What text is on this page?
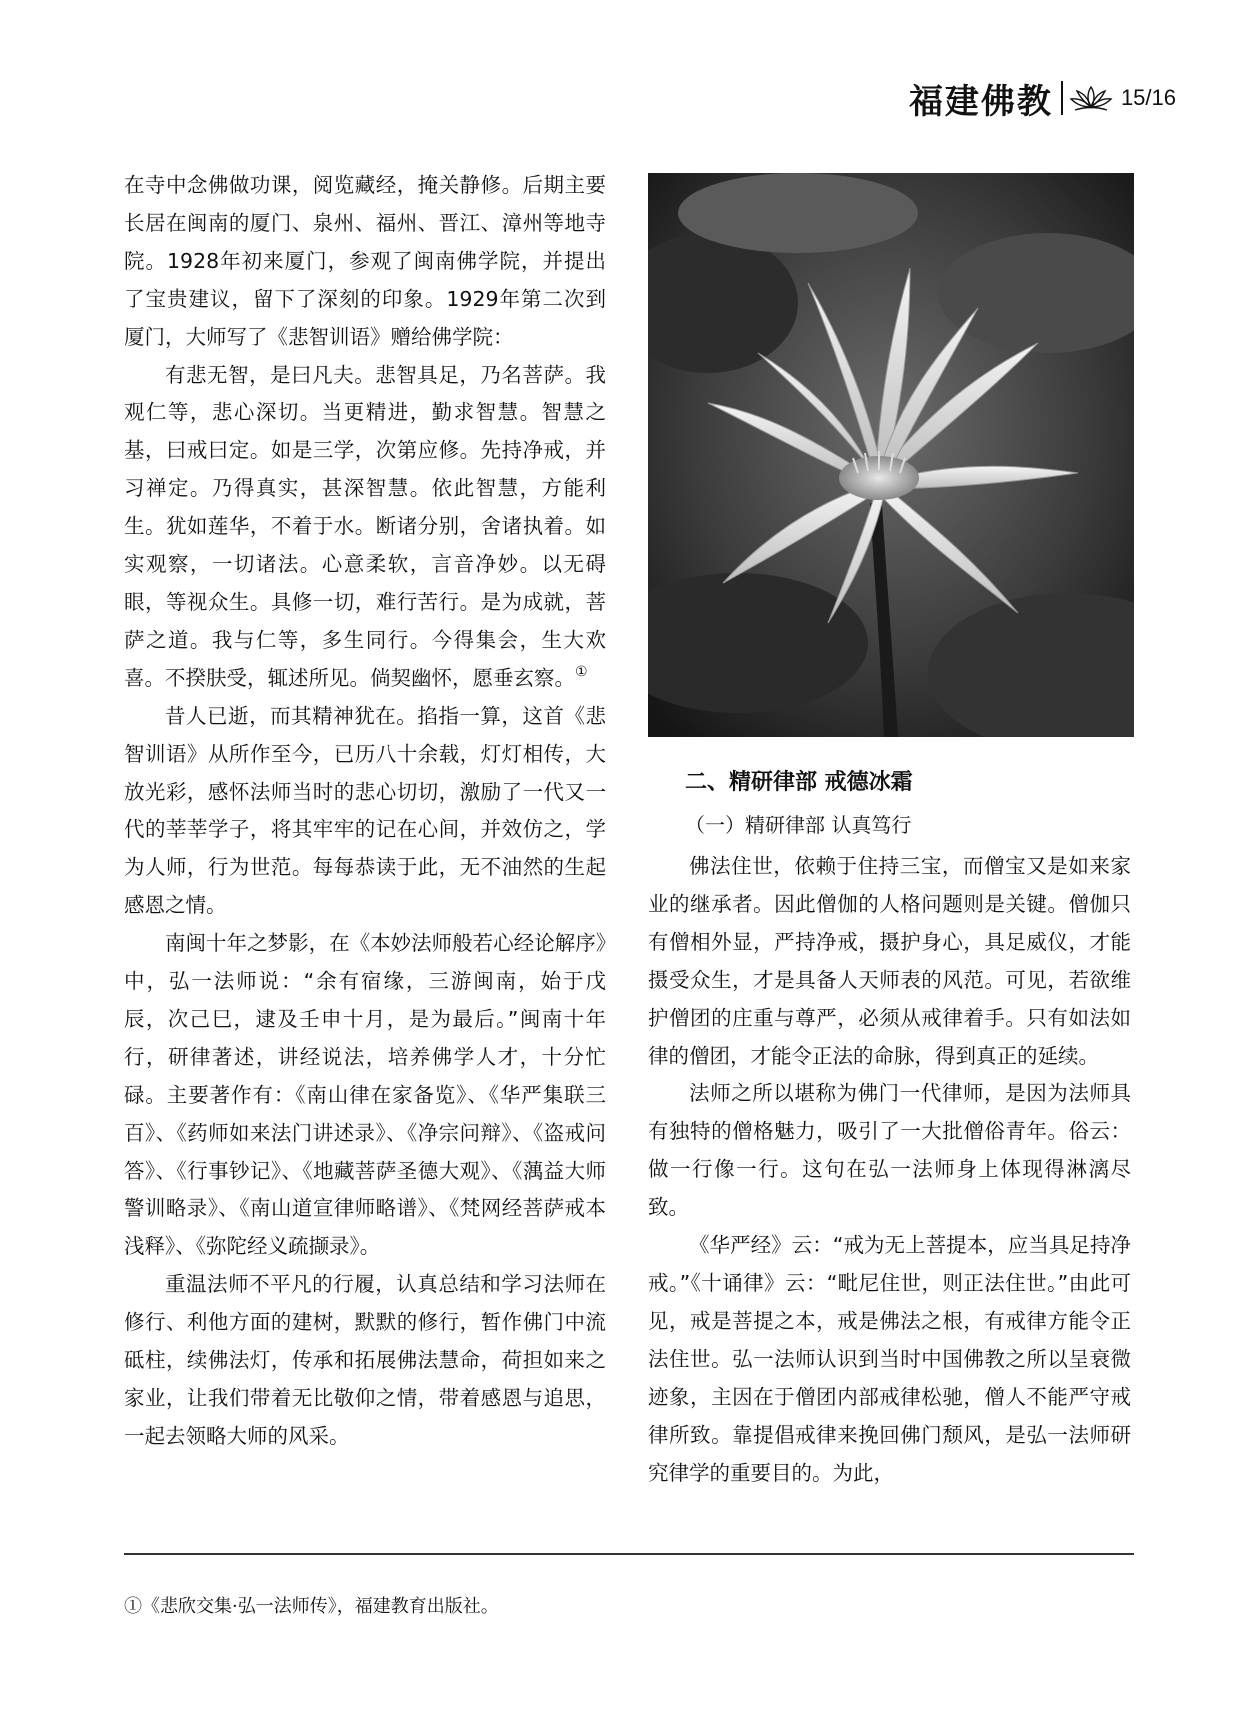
福建佛教	15/16

在寺中念佛做功课，阅览藏经，掩关静修。后期主要长居在闽南的厦门、泉州、福州、晋江、漳州等地寺院。1928年初来厦门，参观了闽南佛学院，并提出了宝贵建议，留下了深刻的印象。1929年第二次到厦门，大师写了《悲智训语》赠给佛学院：

有悲无智，是曰凡夫。悲智具足，乃名菩萨。我观仁等，悲心深切。当更精进，勤求智慧。智慧之基，曰戒曰定。如是三学，次第应修。先持净戒，并习禅定。乃得真实，甚深智慧。依此智慧，方能利生。犹如莲华，不着于水。断诸分别，舍诸执着。如实观察，一切诸法。心意柔软，言音净妙。以无碍眼，等视众生。具修一切，难行苦行。是为成就，菩萨之道。我与仁等，多生同行。今得集会，生大欢喜。不揆肤受，辄述所见。倘契幽怀，愿垂玄察。①

昔人已逝，而其精神犹在。掐指一算，这首《悲智训语》从所作至今，已历八十余载，灯灯相传，大放光彩，感怀法师当时的悲心切切，激励了一代又一代的莘莘学子，将其牢牢的记在心间，并效仿之，学为人师，行为世范。每每恭读于此，无不油然的生起感恩之情。

南闽十年之梦影，在《本妙法师般若心经论解序》中，弘一法师说：“余有宿缘，三游闽南，始于戊辰，次己巳，逮及壬申十月，是为最后。”闽南十年行，研律著述，讲经说法，培养佛学人才，十分忙碌。主要著作有：《南山律在家备览》、《华严集联三百》、《药师如来法门讲述录》、《净宗问辩》、《盗戒问答》、《行事钞记》、《地藏菩萨圣德大观》、《蕅益大师警训略录》、《南山道宣律师略谱》、《梵网经菩萨戒本浅释》、《弥陀经义疏撷录》。

重温法师不平凡的行履，认真总结和学习法师在修行、利他方面的建树，默默的修行，暂作佛门中流砥柱，续佛法灯，传承和拓展佛法慧命，荷担如来之家业，让我们带着无比敬仰之情，带着感恩与追思，一起去领略大师的风采。

二、精研律部 戒德冰霜
（一）精研律部 认真笃行

佛法住世，依赖于住持三宝，而僧宝又是如来家业的继承者。因此僧伽的人格问题则是关键。僧伽只有僧相外显，严持净戒，摄护身心，具足威仪，才能摄受众生，才是具备人天师表的风范。可见，若欲维护僧团的庄重与尊严，必须从戒律着手。只有如法如律的僧团，才能令正法的命脉，得到真正的延续。

法师之所以堪称为佛门一代律师，是因为法师具有独特的僧格魅力，吸引了一大批僧俗青年。俗云：做一行像一行。这句在弘一法师身上体现得淋漓尽致。

《华严经》云：“戒为无上菩提本，应当具足持净戒。”《十诵律》云：“毗尼住世，则正法住世。”由此可见，戒是菩提之本，戒是佛法之根，有戒律方能令正法住世。弘一法师认识到当时中国佛教之所以呈衰微迹象，主因在于僧团内部戒律松驰，僧人不能严守戒律所致。靠提倡戒律来挽回佛门颓风，是弘一法师研究律学的重要目的。为此，

①《悲欣交集·弘一法师传》，福建教育出版社。
